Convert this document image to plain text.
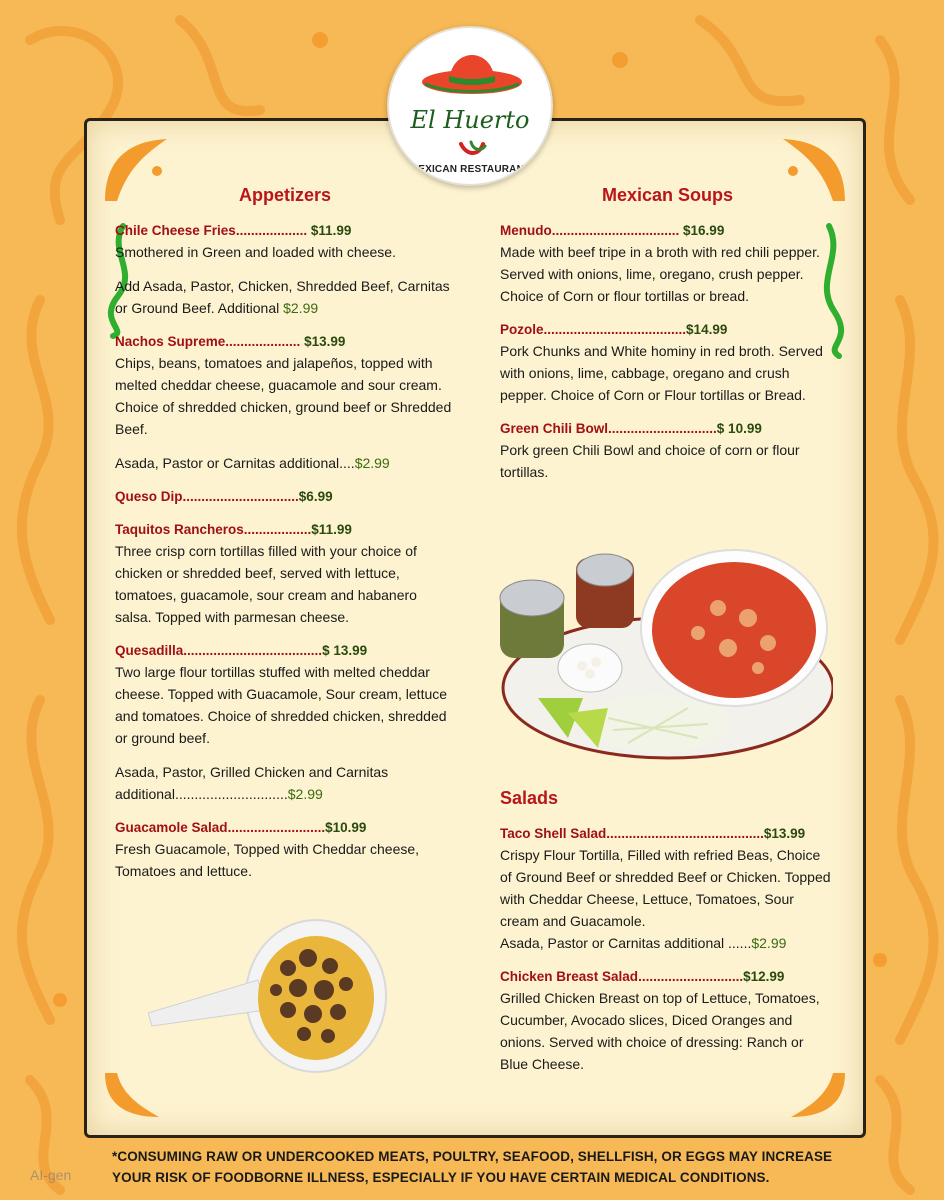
El Huerto
MEXICAN RESTAURANT
Appetizers
Chile Cheese Fries................... $11.99
Smothered in Green and loaded with cheese.
Add Asada, Pastor, Chicken, Shredded Beef, Carnitas or Ground Beef. Additional $2.99
Nachos Supreme.................... $13.99
Chips, beans, tomatoes and jalapeños, topped with melted cheddar cheese, guacamole and sour cream. Choice of shredded chicken, ground beef or Shredded Beef.
Asada, Pastor or Carnitas additional....$2.99
Queso Dip...............................$6.99
Taquitos Rancheros..................$11.99
Three crisp corn tortillas filled with your choice of chicken or shredded beef, served with lettuce, tomatoes, guacamole, sour cream and habanero salsa. Topped with parmesan cheese.
Quesadilla.....................................$ 13.99
Two large flour tortillas stuffed with melted cheddar cheese. Topped with Guacamole, Sour cream, lettuce and tomatoes. Choice of shredded chicken, shredded or ground beef.
Asada, Pastor, Grilled Chicken and Carnitas additional.............................$2.99
Guacamole Salad..........................$10.99
Fresh Guacamole, Topped with Cheddar cheese, Tomatoes and lettuce.
Mexican Soups
Menudo.................................. $16.99
Made with beef tripe in a broth with red chili pepper. Served with onions, lime, oregano, crush pepper. Choice of Corn or flour tortillas or bread.
Pozole......................................$14.99
Pork Chunks and White hominy in red broth. Served with onions, lime, cabbage, oregano and crush pepper. Choice of Corn or Flour tortillas or Bread.
Green Chili Bowl.............................$ 10.99
Pork green Chili Bowl and choice of corn or flour tortillas.
Salads
Taco Shell Salad..........................................$13.99
Crispy Flour Tortilla, Filled with refried Beas, Choice of Ground Beef or shredded Beef or Chicken. Topped with Cheddar Cheese, Lettuce, Tomatoes, Sour cream and Guacamole.
Asada, Pastor or Carnitas additional ......$2.99
Chicken Breast Salad............................$12.99
Grilled Chicken Breast on top of Lettuce, Tomatoes, Cucumber, Avocado slices, Diced Oranges and onions. Served with choice of dressing: Ranch or Blue Cheese.
*CONSUMING RAW OR UNDERCOOKED MEATS, POULTRY, SEAFOOD, SHELLFISH, OR EGGS MAY INCREASE YOUR RISK OF FOODBORNE ILLNESS, ESPECIALLY IF YOU HAVE CERTAIN MEDICAL CONDITIONS.
AI-gen
